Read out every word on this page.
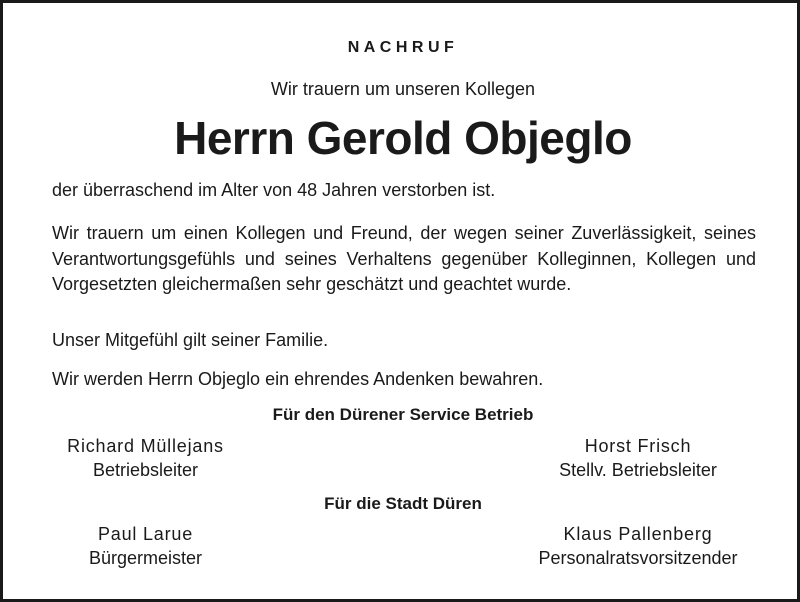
NACHRUF
Wir trauern um unseren Kollegen
Herrn Gerold Objeglo
der überraschend im Alter von 48 Jahren verstorben ist.
Wir trauern um einen Kollegen und Freund, der wegen seiner Zuverlässigkeit, seines Verantwortungsgefühls und seines Verhaltens gegenüber Kolleginnen, Kollegen und Vorgesetzten gleichermaßen sehr geschätzt und geachtet wurde.
Unser Mitgefühl gilt seiner Familie.
Wir werden Herrn Objeglo ein ehrendes Andenken bewahren.
Für den Dürener Service Betrieb
Richard Müllejans
Betriebsleiter
Horst Frisch
Stellv. Betriebsleiter
Für die Stadt Düren
Paul Larue
Bürgermeister
Klaus Pallenberg
Personalratsvorsitzender
